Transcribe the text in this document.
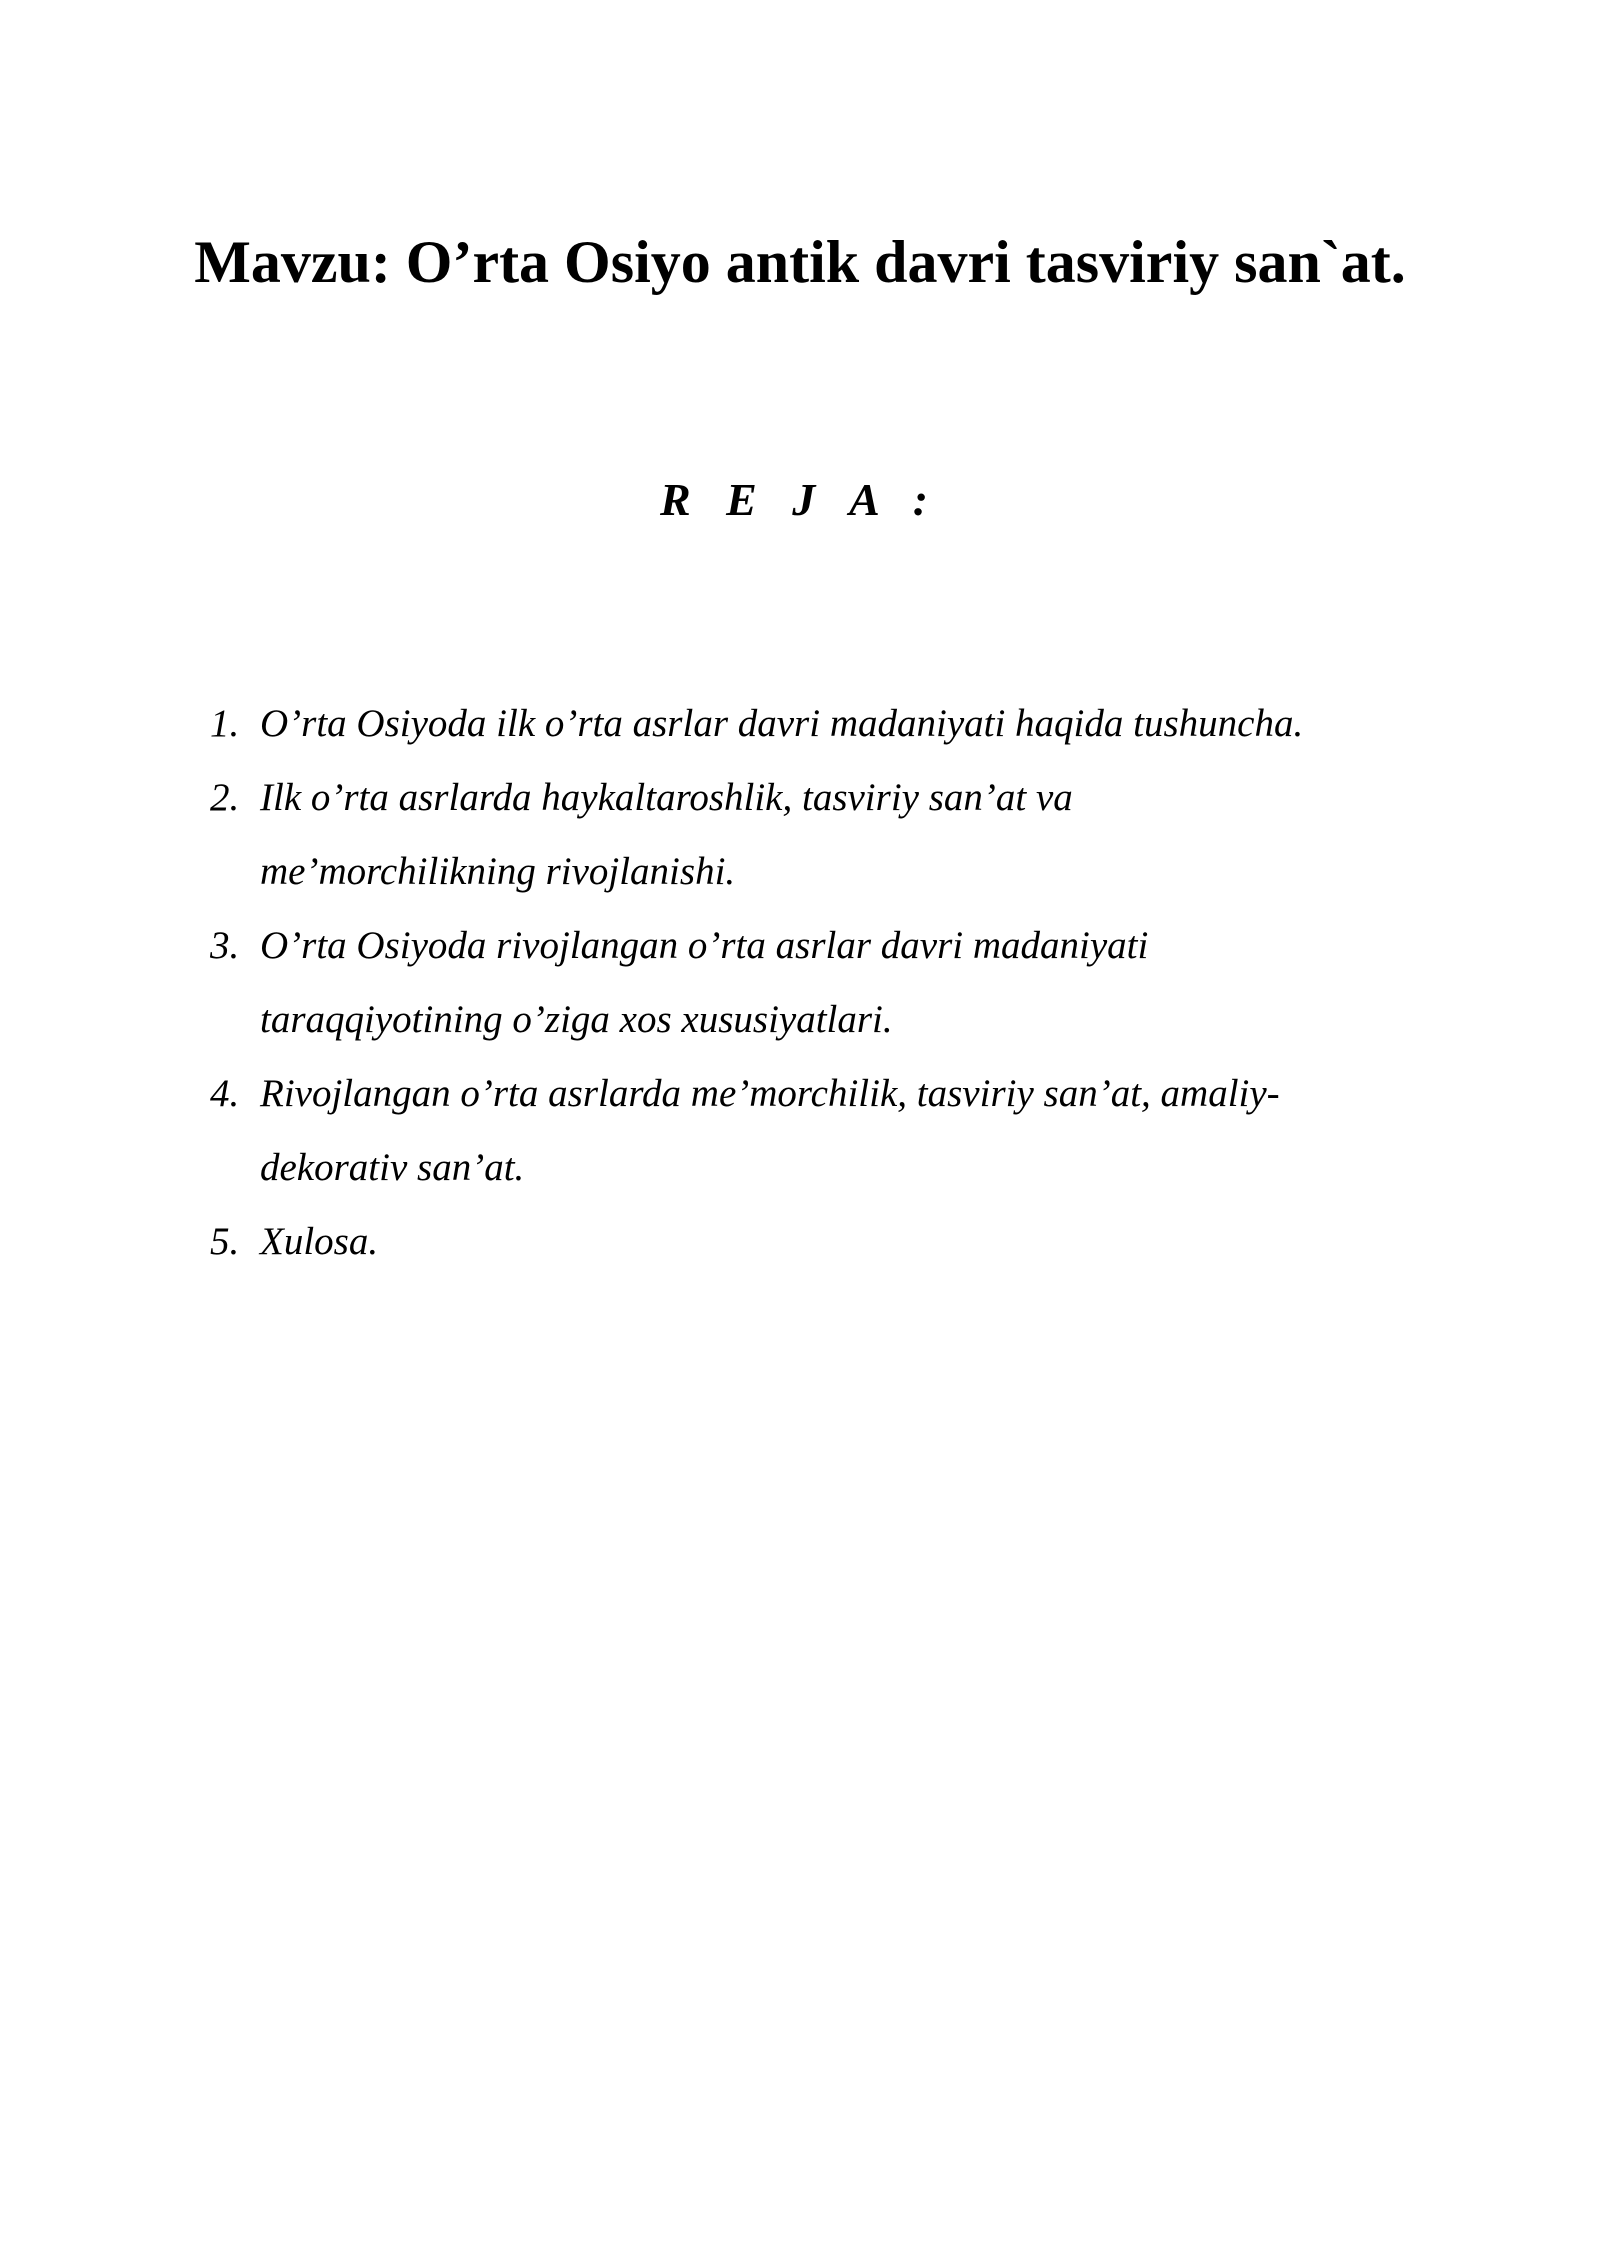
Mavzu: O’rta Osiyo antik davri tasviriy san`at.
R E J A :
1. O’rta Osiyoda ilk o’rta asrlar davri madaniyati haqida tushuncha.
2. Ilk o’rta asrlarda haykaltaroshlik, tasviriy san’at va
me’morchilikning rivojlanishi.
3. O’rta Osiyoda rivojlangan o’rta asrlar davri madaniyati
taraqqiyotining o’ziga xos xususiyatlari.
4. Rivojlangan o’rta asrlarda me’morchilik, tasviriy san’at, amaliy-
dekorativ san’at.
5. Xulosa.
